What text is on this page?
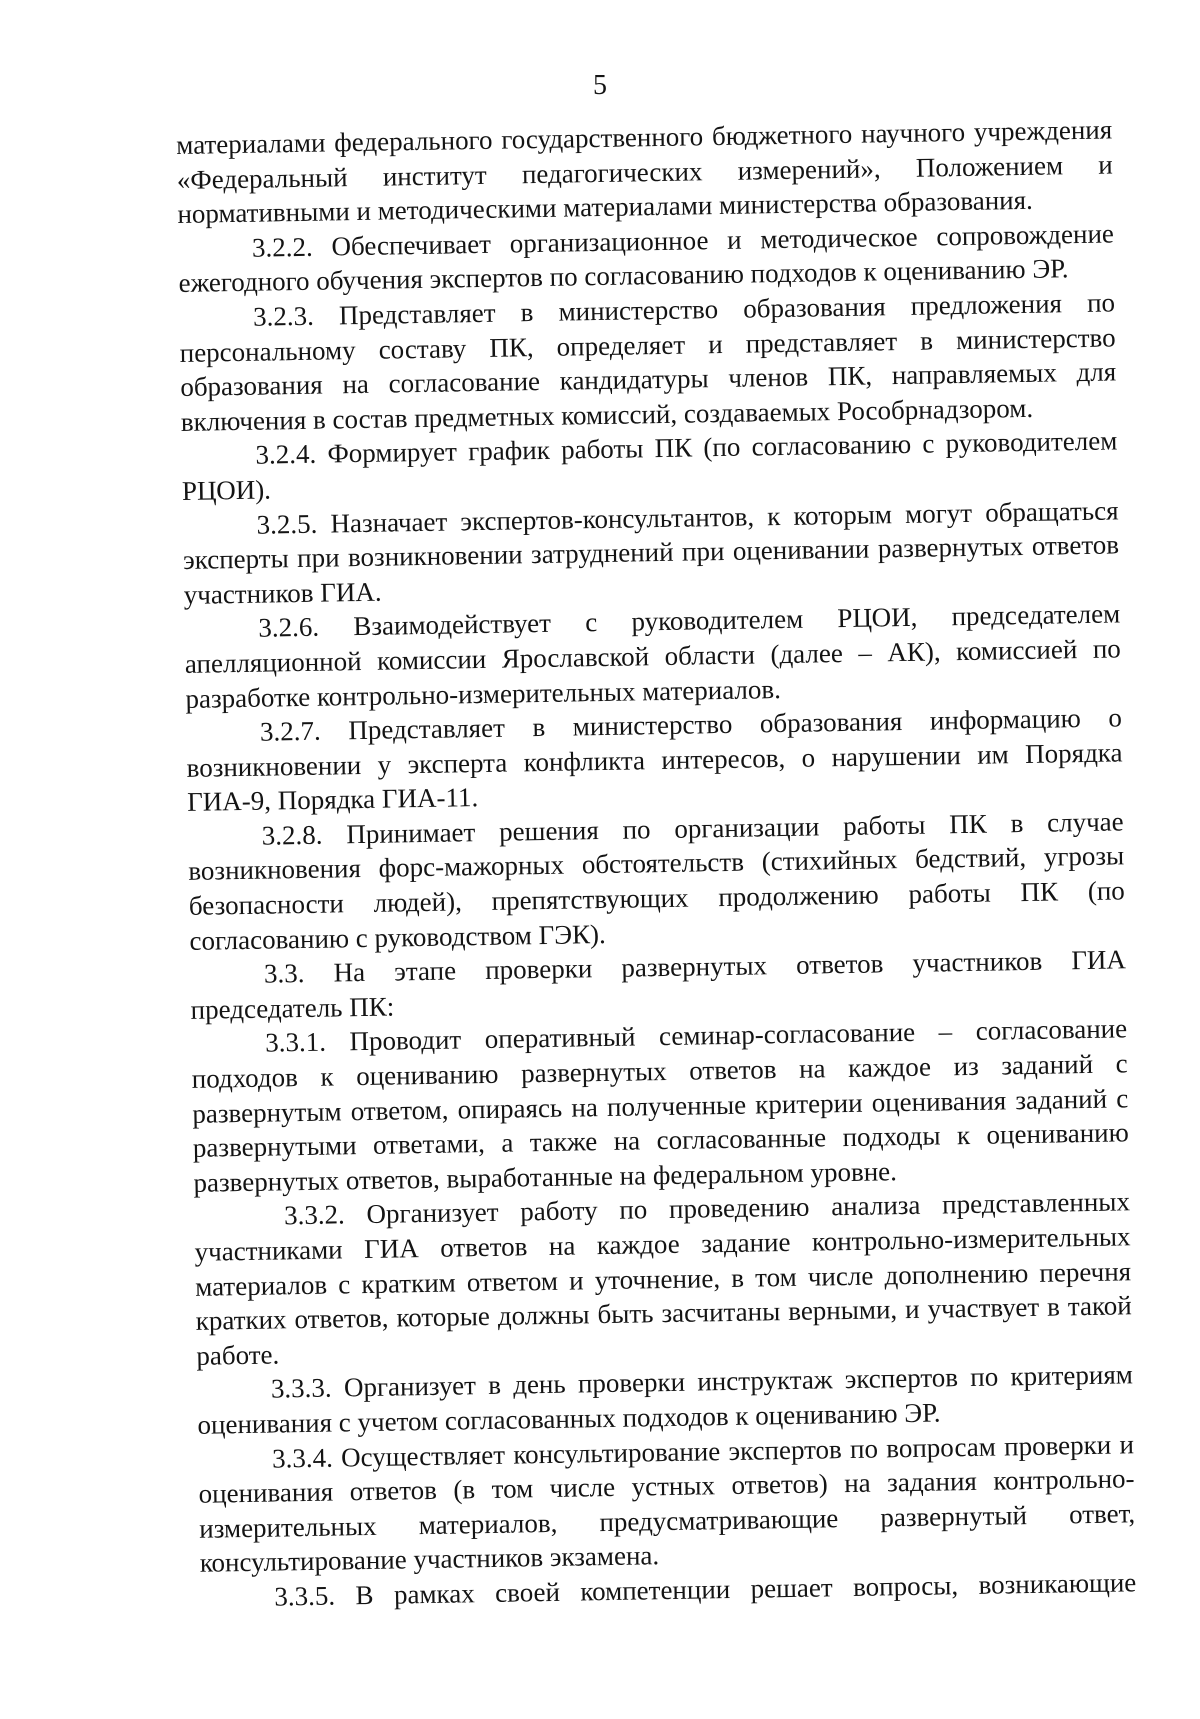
5

материалами федерального государственного бюджетного научного учреждения «Федеральный институт педагогических измерений», Положением и нормативными и методическими материалами министерства образования.

3.2.2. Обеспечивает организационное и методическое сопровождение ежегодного обучения экспертов по согласованию подходов к оцениванию ЭР.

3.2.3. Представляет в министерство образования предложения по персональному составу ПК, определяет и представляет в министерство образования на согласование кандидатуры членов ПК, направляемых для включения в состав предметных комиссий, создаваемых Рособрнадзором.

3.2.4. Формирует график работы ПК (по согласованию с руководителем РЦОИ).

3.2.5. Назначает экспертов-консультантов, к которым могут обращаться эксперты при возникновении затруднений при оценивании развернутых ответов участников ГИА.

3.2.6. Взаимодействует с руководителем РЦОИ, председателем апелляционной комиссии Ярославской области (далее – АК), комиссией по разработке контрольно-измерительных материалов.

3.2.7. Представляет в министерство образования информацию о возникновении у эксперта конфликта интересов, о нарушении им Порядка ГИА-9, Порядка ГИА-11.

3.2.8. Принимает решения по организации работы ПК в случае возникновения форс-мажорных обстоятельств (стихийных бедствий, угрозы безопасности людей), препятствующих продолжению работы ПК (по согласованию с руководством ГЭК).

3.3. На этапе проверки развернутых ответов участников ГИА председатель ПК:

3.3.1. Проводит оперативный семинар-согласование – согласование подходов к оцениванию развернутых ответов на каждое из заданий с развернутым ответом, опираясь на полученные критерии оценивания заданий с развернутыми ответами, а также на согласованные подходы к оцениванию развернутых ответов, выработанные на федеральном уровне.

3.3.2. Организует работу по проведению анализа представленных участниками ГИА ответов на каждое задание контрольно-измерительных материалов с кратким ответом и уточнение, в том числе дополнению перечня кратких ответов, которые должны быть засчитаны верными, и участвует в такой работе.

3.3.3. Организует в день проверки инструктаж экспертов по критериям оценивания с учетом согласованных подходов к оцениванию ЭР.

3.3.4. Осуществляет консультирование экспертов по вопросам проверки и оценивания ответов (в том числе устных ответов) на задания контрольно-измерительных материалов, предусматривающие развернутый ответ, консультирование участников экзамена.

3.3.5. В рамках своей компетенции решает вопросы, возникающие
